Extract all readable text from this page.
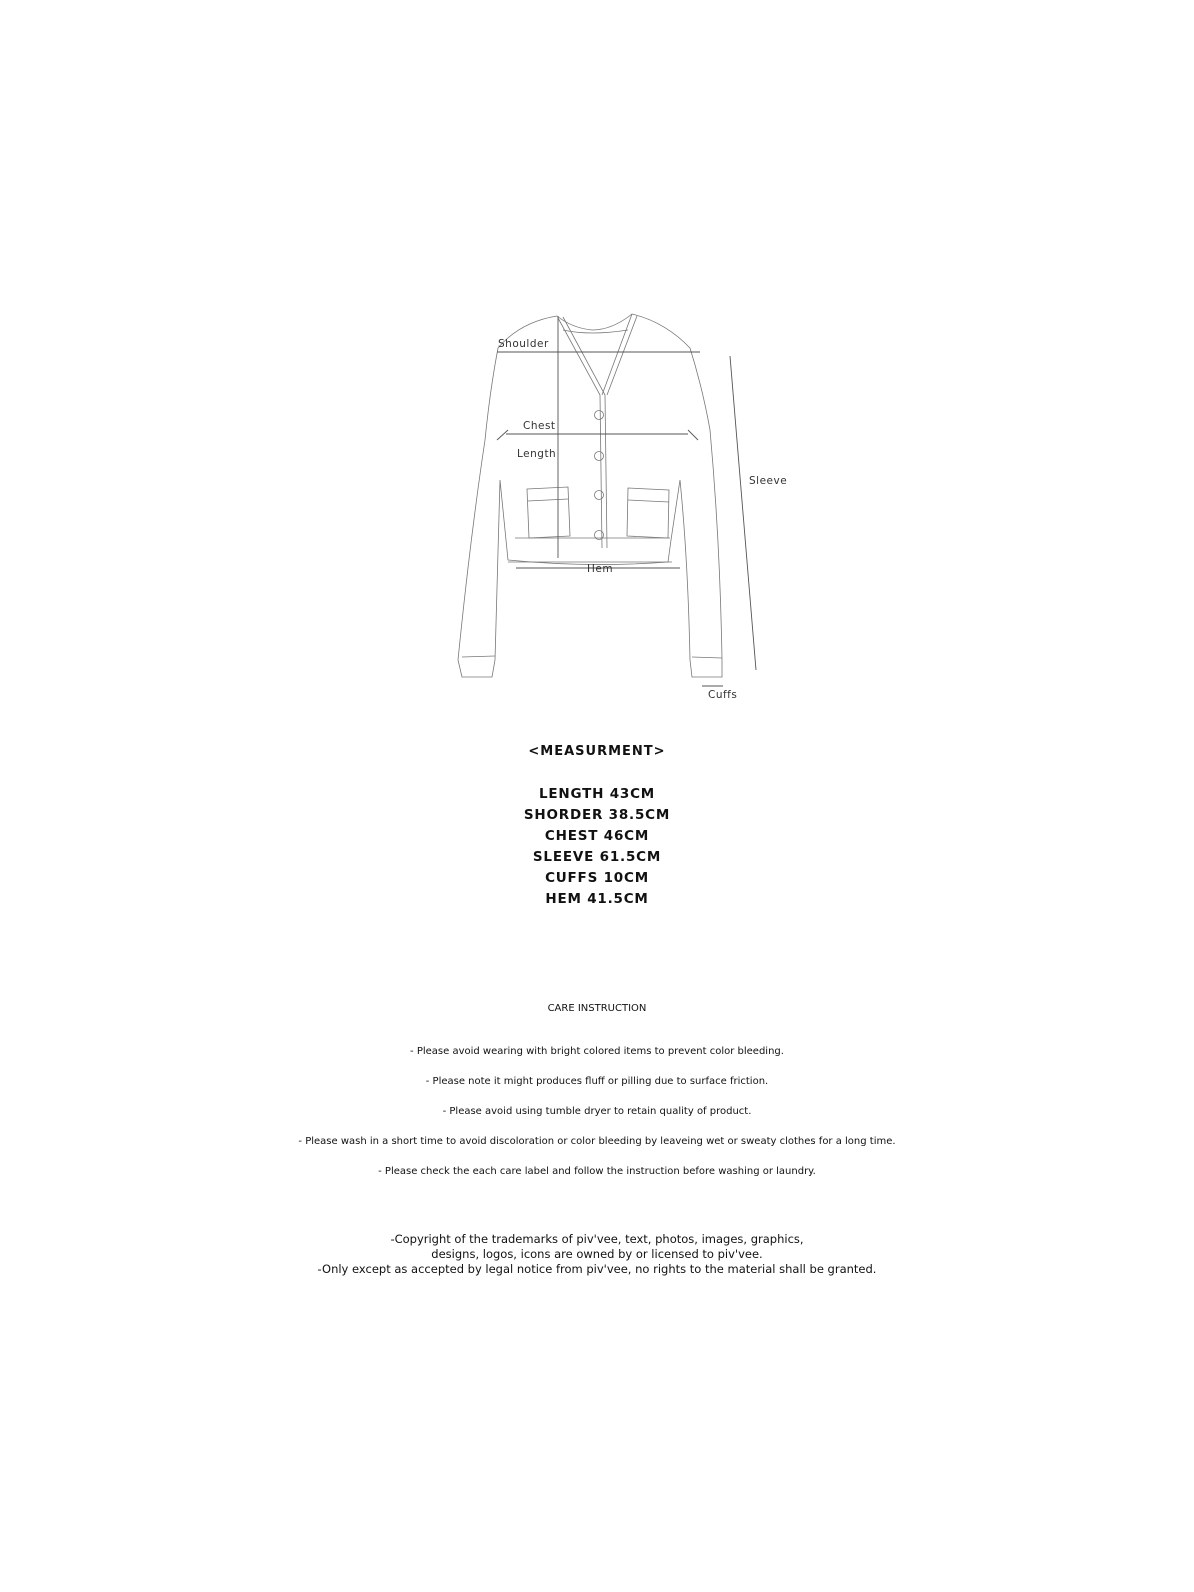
Shoulder
Chest
Length
Sleeve
Hem
Cuffs
<MEASURMENT>
LENGTH 43CM
SHORDER 38.5CM
CHEST 46CM
SLEEVE 61.5CM
CUFFS 10CM
HEM 41.5CM
CARE INSTRUCTION
- Please avoid wearing with bright colored items to prevent color bleeding.
- Please note it might produces fluff or pilling due to surface friction.
- Please avoid using tumble dryer to retain quality of product.
- Please wash in a short time to avoid discoloration or color bleeding by leaveing wet or sweaty clothes for a long time.
- Please check the each care label and follow the instruction before washing or laundry.
-Copyright of the trademarks of piv'vee, text, photos, images, graphics,
designs, logos, icons are owned by or licensed to piv'vee.
-Only except as accepted by legal notice from piv'vee, no rights to the material shall be granted.
